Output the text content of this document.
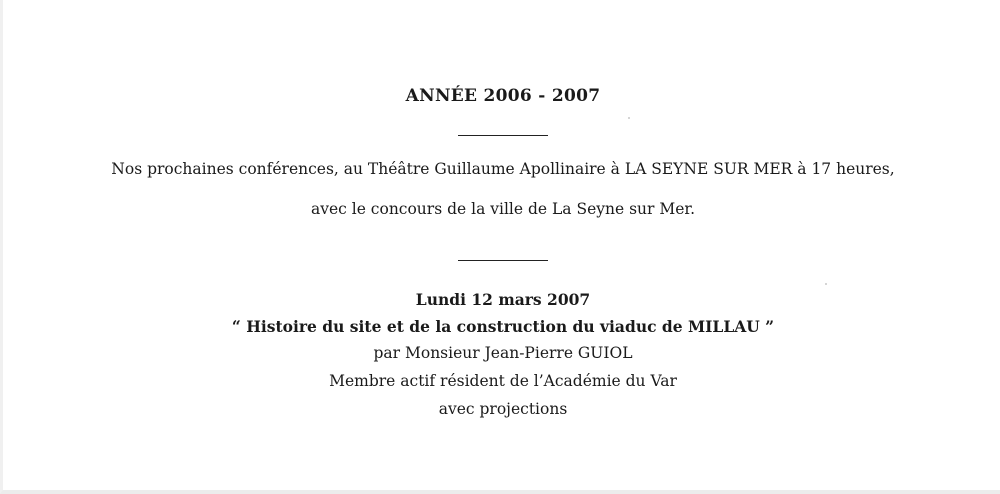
ANNÉE 2006 - 2007
Nos prochaines conférences, au Théâtre Guillaume Apollinaire à LA SEYNE SUR MER à 17 heures,
avec le concours de la ville de La Seyne sur Mer.
Lundi 12 mars 2007
“ Histoire du site et de la construction du viaduc de MILLAU ”
par Monsieur Jean-Pierre GUIOL
Membre actif résident de l’Académie du Var
avec projections
